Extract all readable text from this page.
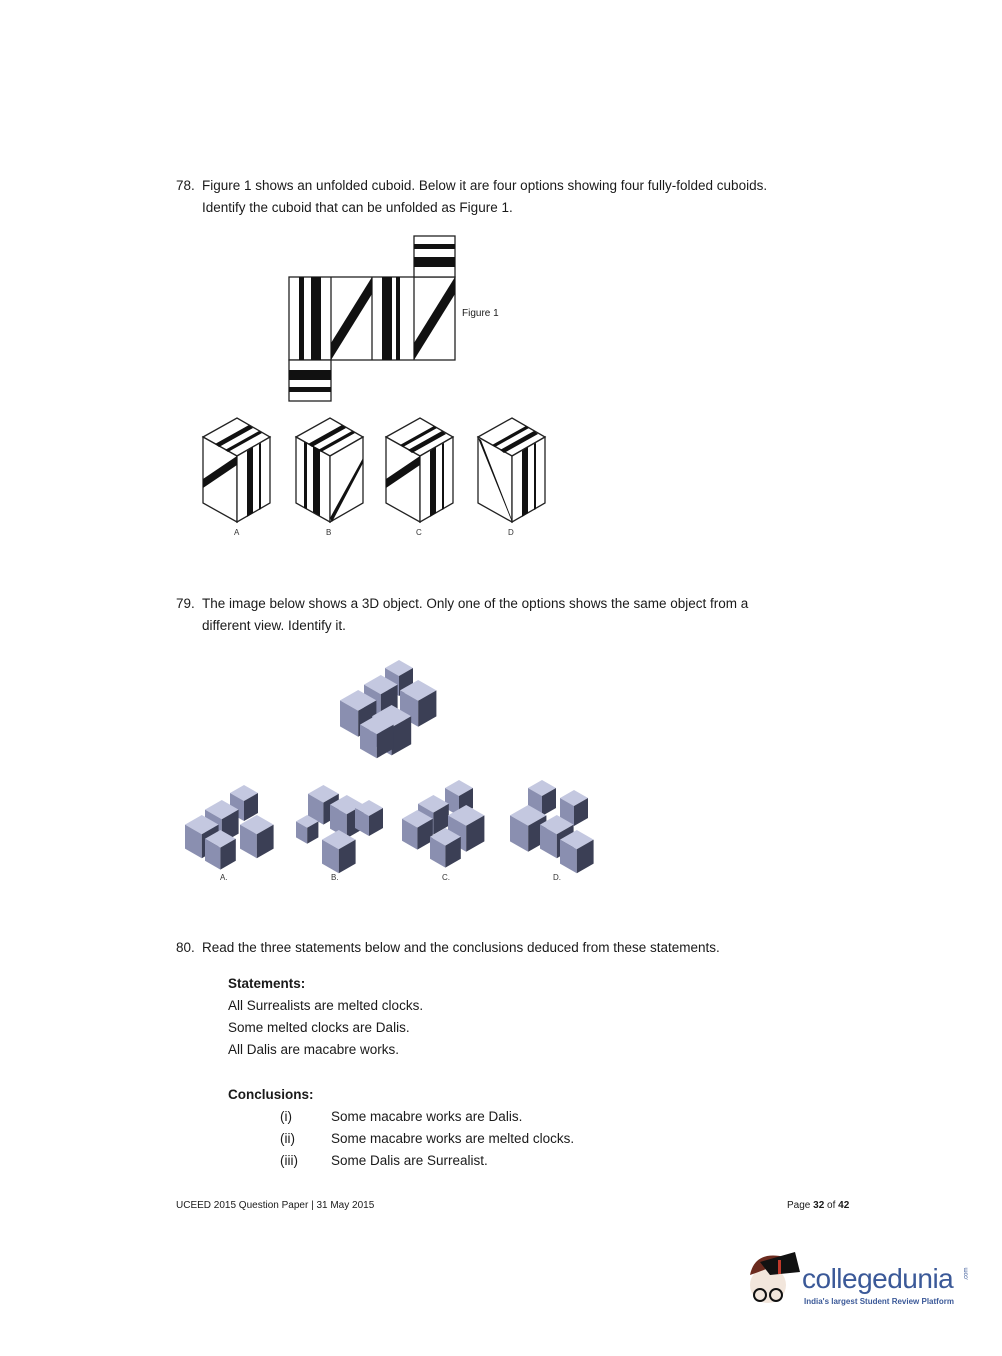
78. Figure 1 shows an unfolded cuboid. Below it are four options showing four fully-folded cuboids.
Identify the cuboid that can be unfolded as Figure 1.
Figure 1
A	B	C	D
79. The image below shows a 3D object. Only one of the options shows the same object from a
different view. Identify it.
A.	B.	C.	D.
80. Read the three statements below and the conclusions deduced from these statements.
Statements:
All Surrealists are melted clocks.
Some melted clocks are Dalis.
All Dalis are macabre works.
Conclusions:
(i)	Some macabre works are Dalis.
(ii)	Some macabre works are melted clocks.
(iii) Some Dalis are Surrealist.
UCEED 2015 Question Paper | 31 May 2015	Page 32 of 42
collegedunia .com
India's largest Student Review Platform
